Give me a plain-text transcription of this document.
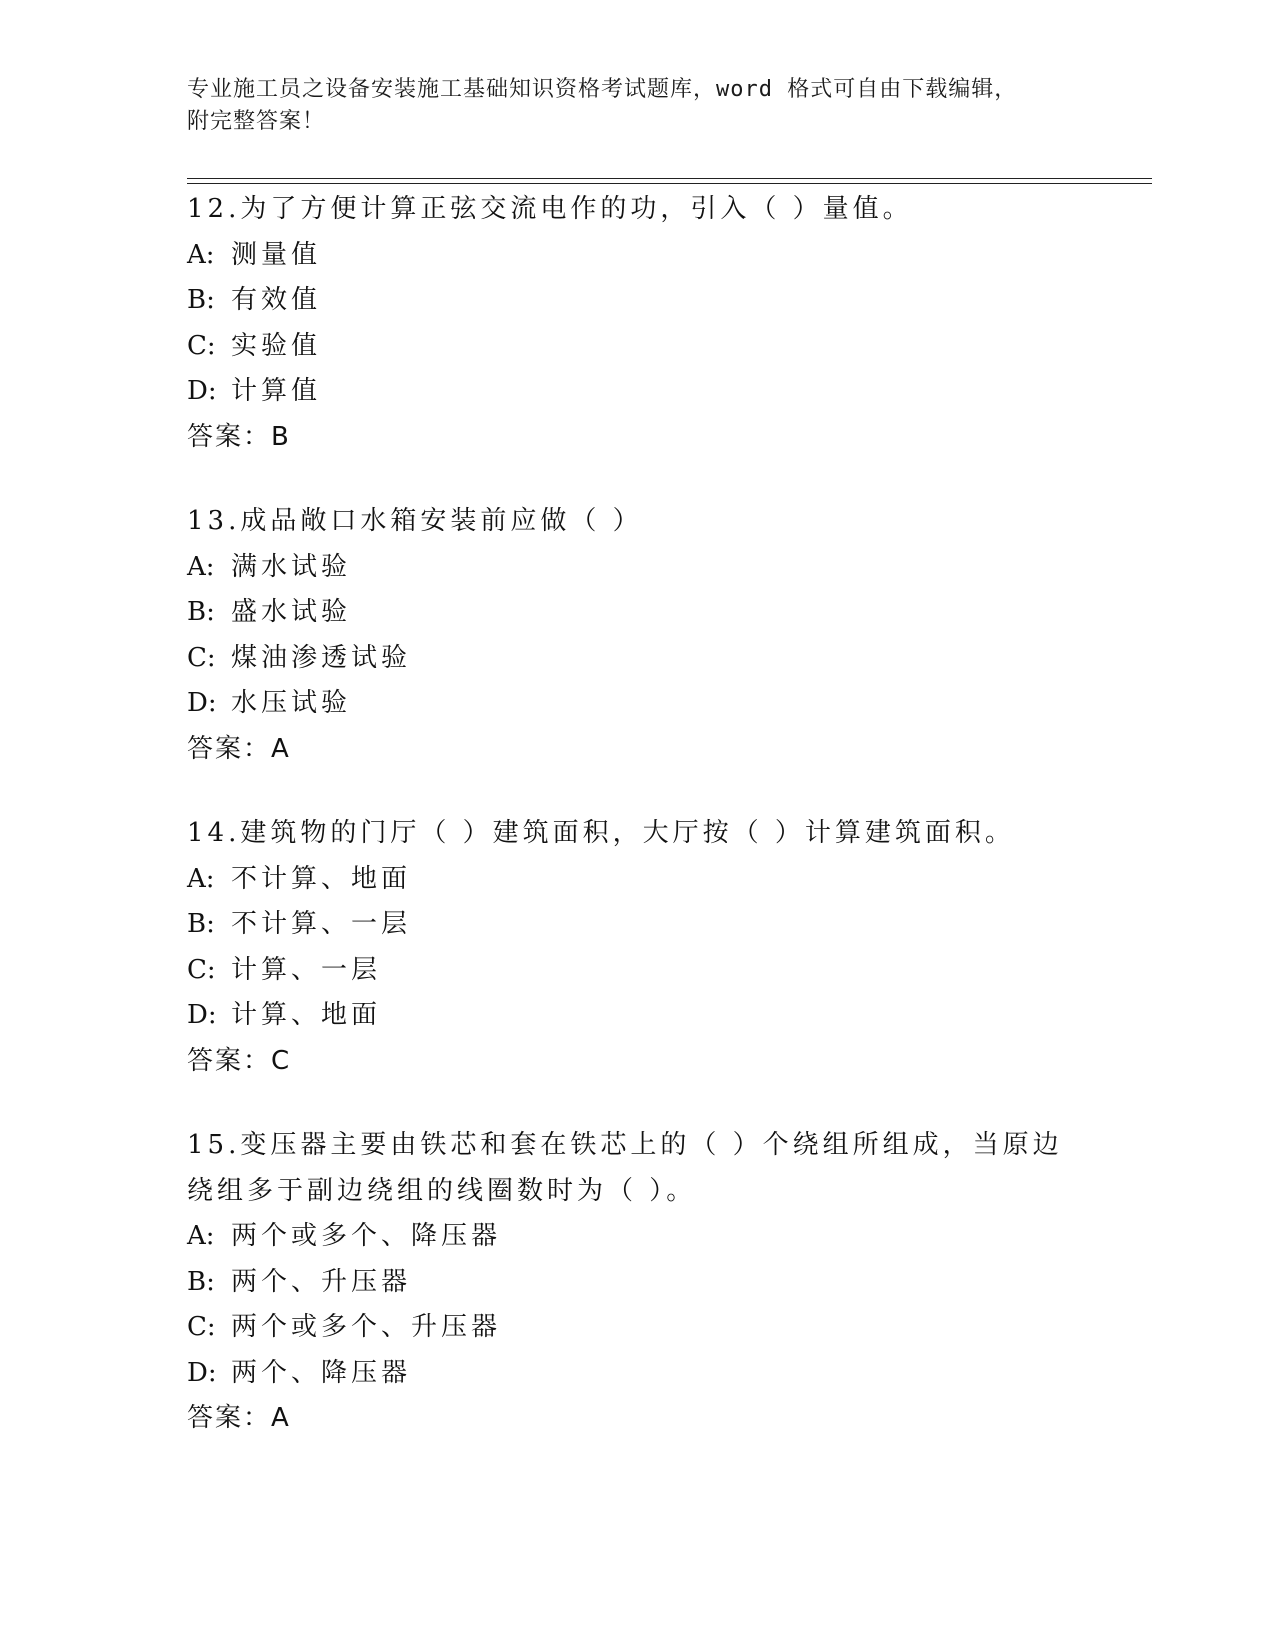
专业施工员之设备安装施工基础知识资格考试题库，word 格式可自由下载编辑，
附完整答案！
12.为了方便计算正弦交流电作的功，引入（ ）量值。
A: 测量值
B: 有效值
C: 实验值
D: 计算值
答案：B
13.成品敞口水箱安装前应做（ ）
A: 满水试验
B: 盛水试验
C: 煤油渗透试验
D: 水压试验
答案：A
14.建筑物的门厅（ ）建筑面积，大厅按（ ）计算建筑面积。
A: 不计算、地面
B: 不计算、一层
C: 计算、一层
D: 计算、地面
答案：C
15.变压器主要由铁芯和套在铁芯上的（ ）个绕组所组成，当原边绕组多于副边绕组的线圈数时为（ ）。
A: 两个或多个、降压器
B: 两个、升压器
C: 两个或多个、升压器
D: 两个、降压器
答案：A
